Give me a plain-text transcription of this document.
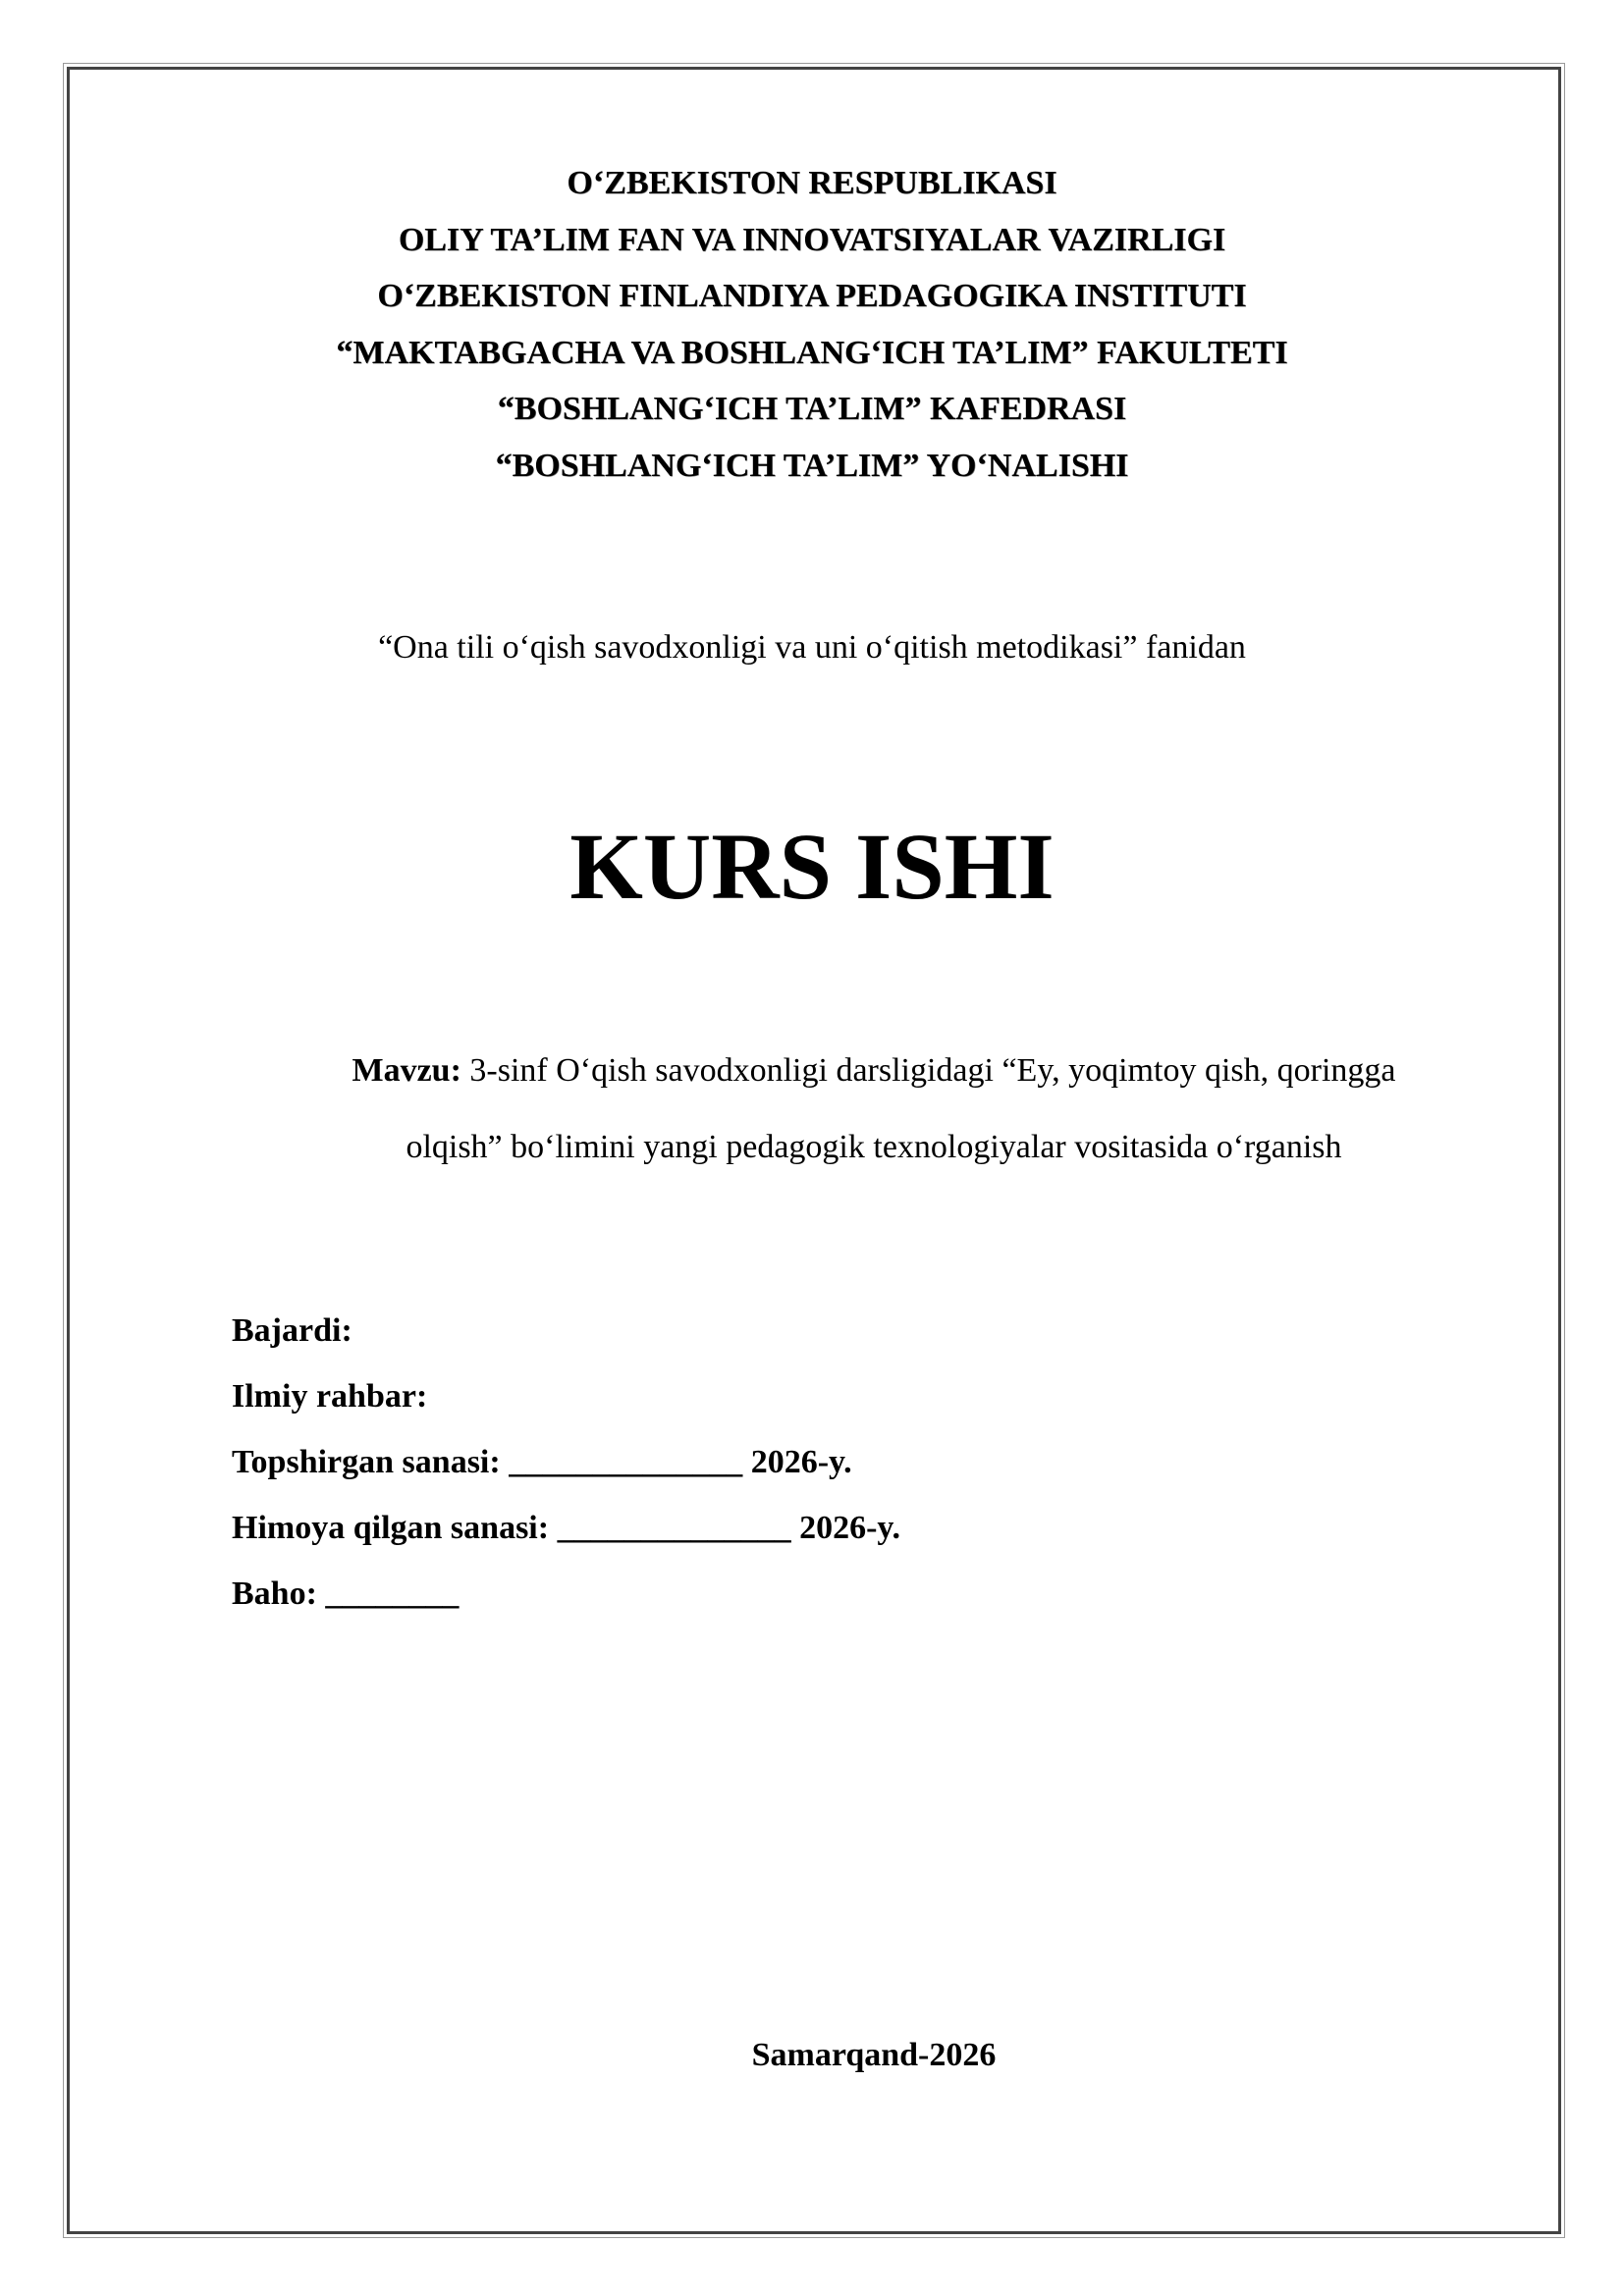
O‘ZBEKISTON RESPUBLIKASI
OLIY TA’LIM FAN VA INNOVATSIYALAR VAZIRLIGI
O‘ZBEKISTON FINLANDIYA PEDAGOGIKA INSTITUTI
“MAKTABGACHA VA BOSHLANG‘ICH TA’LIM” FAKULTETI
“BOSHLANG‘ICH TA’LIM” KAFEDRASI
“BOSHLANG‘ICH TA’LIM” YO‘NALISHI
“Ona tili o‘qish savodxonligi va uni o‘qitish metodikasi” fanidan
KURS ISHI
Mavzu: 3-sinf O‘qish savodxonligi darsligidagi “Ey, yoqimtoy qish, qoringga
olqish” bo‘limini yangi pedagogik texnologiyalar vositasida o‘rganish
Bajardi:
Ilmiy rahbar:
Topshirgan sanasi: ______________ 2026-y.
Himoya qilgan sanasi: ______________ 2026-y.
Baho: ________
Samarqand-2026
